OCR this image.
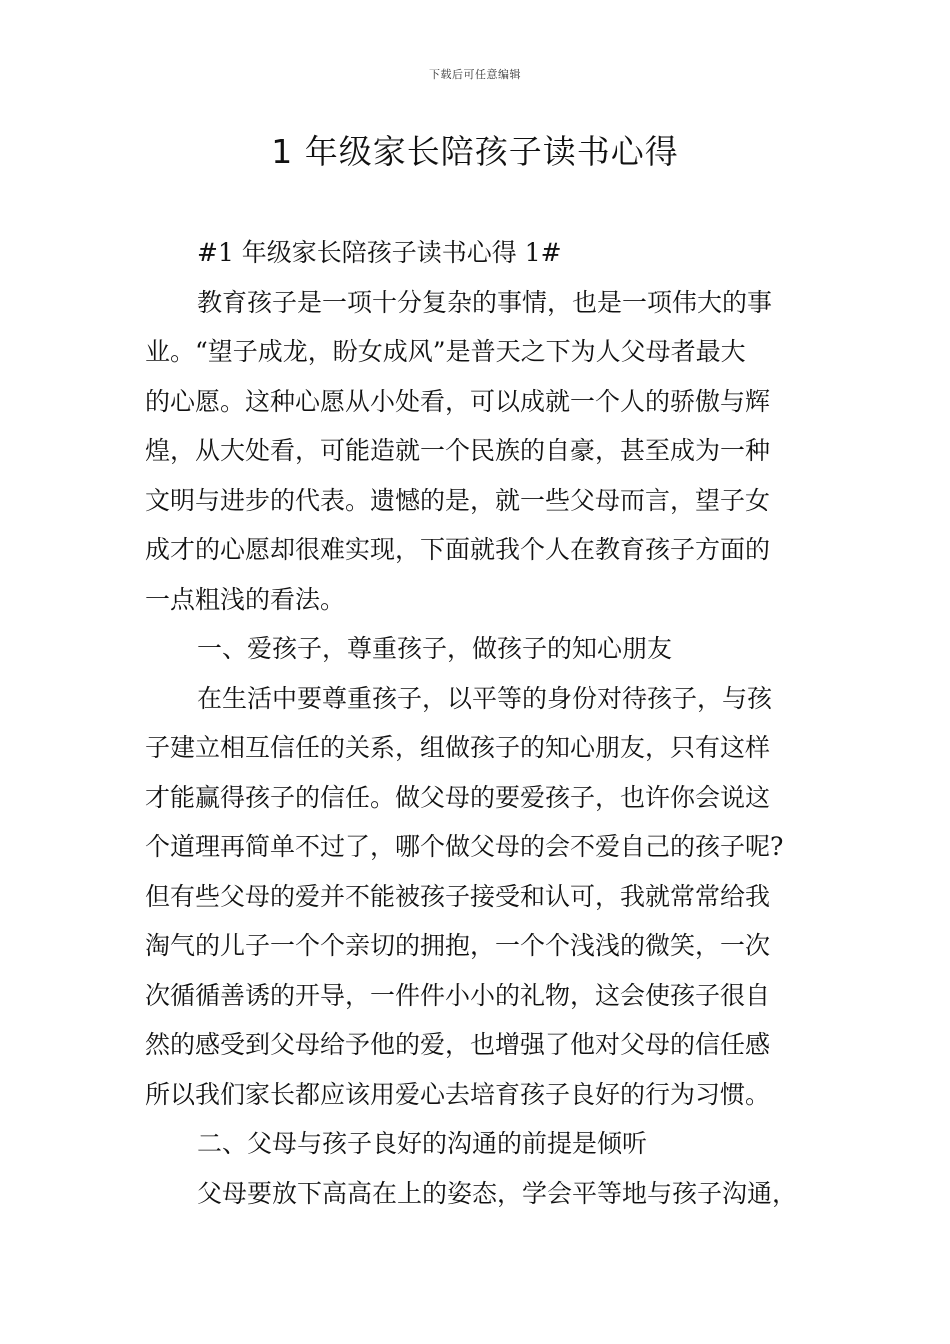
下载后可任意编辑
1 年级家长陪孩子读书心得
#1 年级家长陪孩子读书心得 1#
教育孩子是一项十分复杂的事情，也是一项伟大的事
业。“望子成龙，盼女成风”是普天之下为人父母者最大
的心愿。这种心愿从小处看，可以成就一个人的骄傲与辉
煌，从大处看，可能造就一个民族的自豪，甚至成为一种
文明与进步的代表。遗憾的是，就一些父母而言，望子女
成才的心愿却很难实现，下面就我个人在教育孩子方面的
一点粗浅的看法。
一、爱孩子，尊重孩子，做孩子的知心朋友
在生活中要尊重孩子，以平等的身份对待孩子，与孩
子建立相互信任的关系，组做孩子的知心朋友，只有这样
才能赢得孩子的信任。做父母的要爱孩子，也许你会说这
个道理再简单不过了，哪个做父母的会不爱自己的孩子呢?
但有些父母的爱并不能被孩子接受和认可，我就常常给我
淘气的儿子一个个亲切的拥抱，一个个浅浅的微笑，一次
次循循善诱的开导，一件件小小的礼物，这会使孩子很自
然的感受到父母给予他的爱，也增强了他对父母的信任感
所以我们家长都应该用爱心去培育孩子良好的行为习惯。
二、父母与孩子良好的沟通的前提是倾听
父母要放下高高在上的姿态，学会平等地与孩子沟通，
